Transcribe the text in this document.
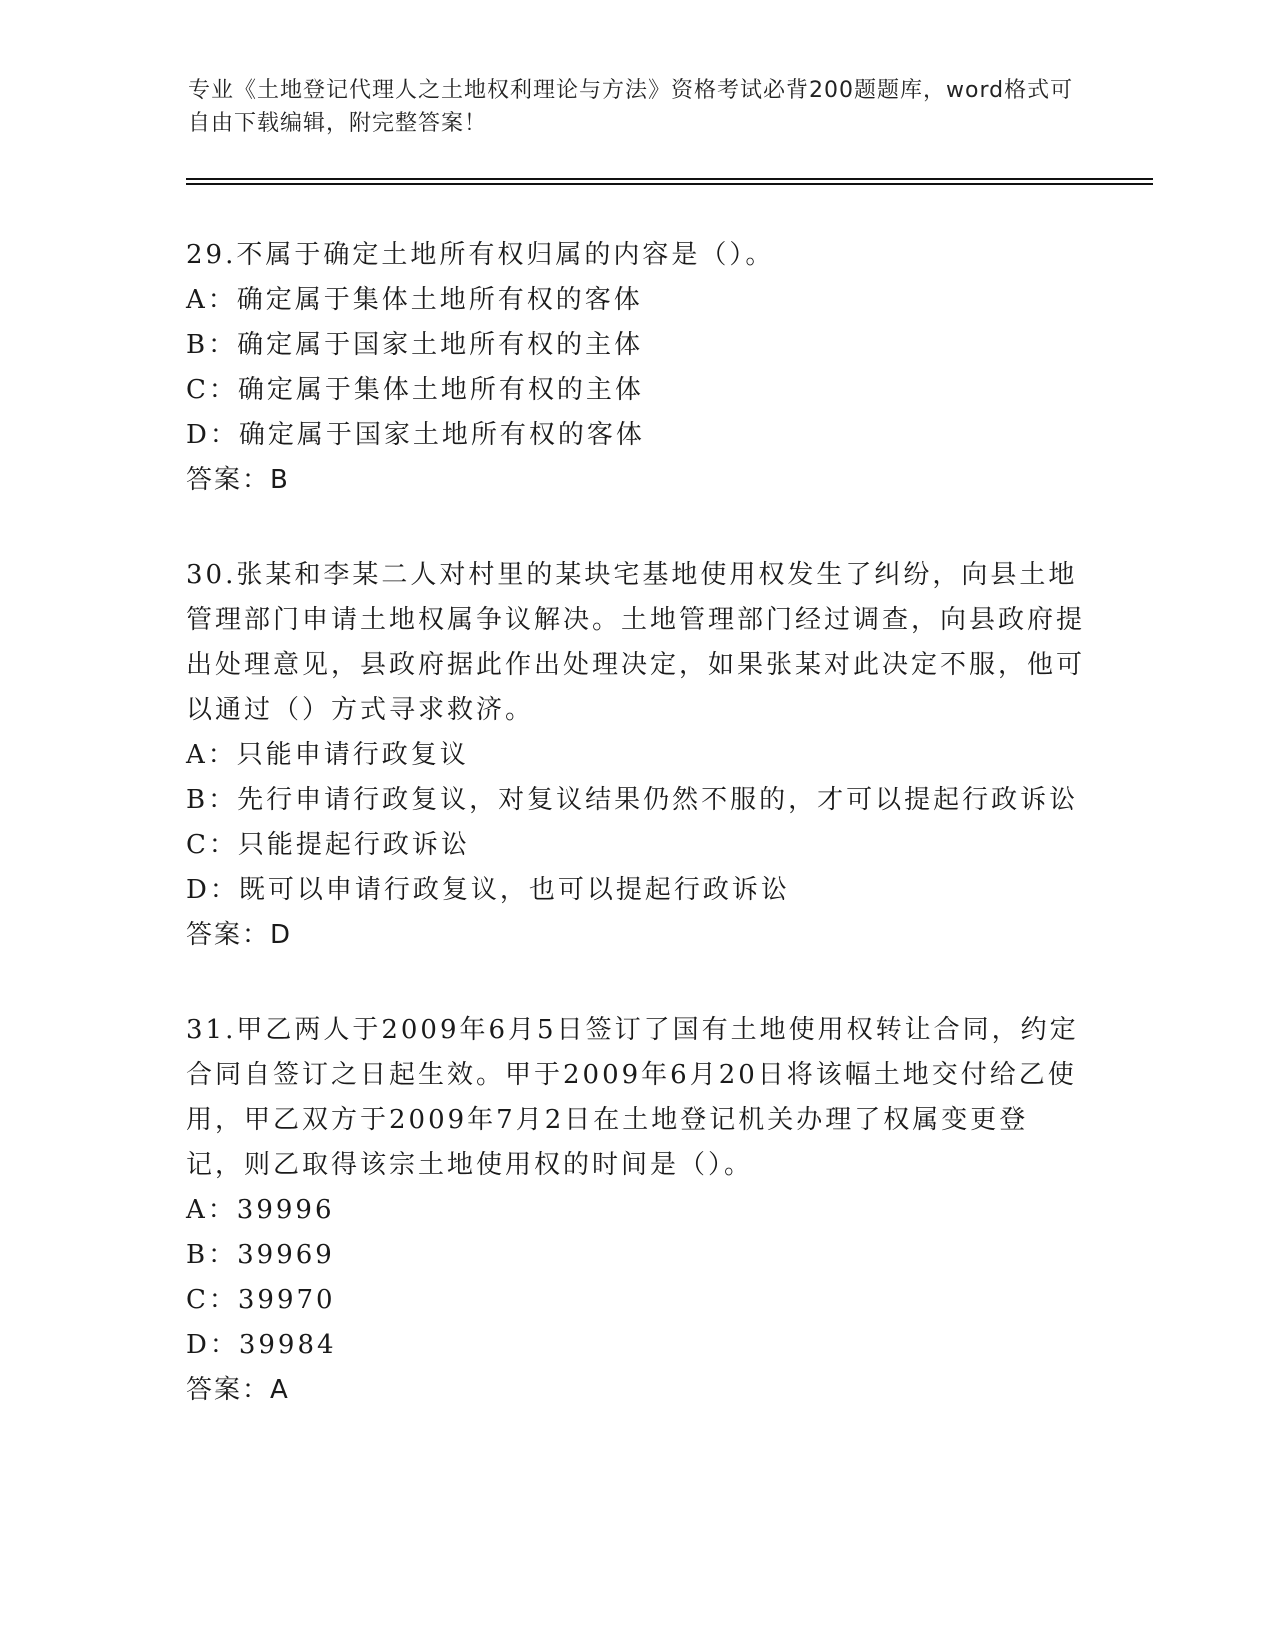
专业《土地登记代理人之土地权利理论与方法》资格考试必背200题题库，word格式可自由下载编辑，附完整答案！

29.不属于确定土地所有权归属的内容是（）。

A：确定属于集体土地所有权的客体

B：确定属于国家土地所有权的主体

C：确定属于集体土地所有权的主体

D：确定属于国家土地所有权的客体

答案：B

30.张某和李某二人对村里的某块宅基地使用权发生了纠纷，向县土地管理部门申请土地权属争议解决。土地管理部门经过调查，向县政府提出处理意见，县政府据此作出处理决定，如果张某对此决定不服，他可以通过（）方式寻求救济。

A：只能申请行政复议

B：先行申请行政复议，对复议结果仍然不服的，才可以提起行政诉讼

C：只能提起行政诉讼

D：既可以申请行政复议，也可以提起行政诉讼

答案：D

31.甲乙两人于2009年6月5日签订了国有土地使用权转让合同，约定合同自签订之日起生效。甲于2009年6月20日将该幅土地交付给乙使用，甲乙双方于2009年7月2日在土地登记机关办理了权属变更登记，则乙取得该宗土地使用权的时间是（）。

A：39996

B：39969

C：39970

D：39984

答案：A
